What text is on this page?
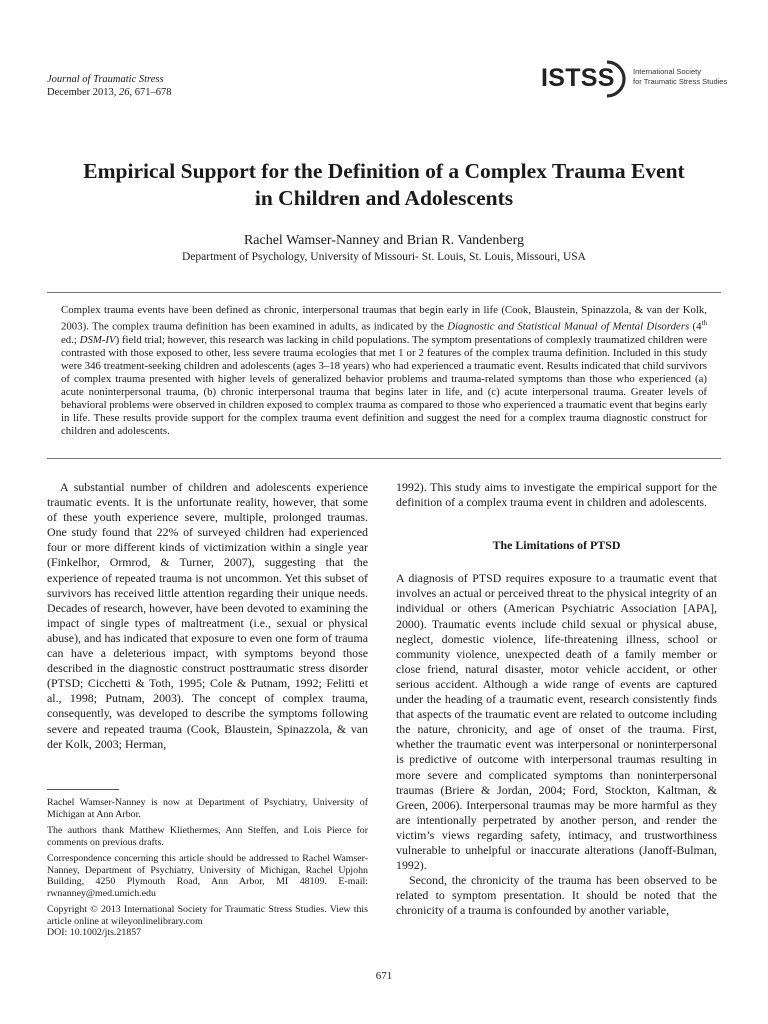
Journal of Traumatic Stress
December 2013, 26, 671–678
ISTSS International Society
for Traumatic Stress Studies
Empirical Support for the Definition of a Complex Trauma Event
in Children and Adolescents

Rachel Wamser-Nanney and Brian R. Vandenberg

Department of Psychology, University of Missouri- St. Louis, St. Louis, Missouri, USA

Complex trauma events have been defined as chronic, interpersonal traumas that begin early in life (Cook, Blaustein, Spinazzola, & van der Kolk, 2003). The complex trauma definition has been examined in adults, as indicated by the Diagnostic and Statistical Manual of Mental Disorders (4th ed.; DSM-IV) field trial; however, this research was lacking in child populations. The symptom presentations of complexly traumatized children were contrasted with those exposed to other, less severe trauma ecologies that met 1 or 2 features of the complex trauma definition. Included in this study were 346 treatment-seeking children and adolescents (ages 3–18 years) who had experienced a traumatic event. Results indicated that child survivors of complex trauma presented with higher levels of generalized behavior problems and trauma-related symptoms than those who experienced (a) acute noninterpersonal trauma, (b) chronic interpersonal trauma that begins later in life, and (c) acute interpersonal trauma. Greater levels of behavioral problems were observed in children exposed to complex trauma as compared to those who experienced a traumatic event that begins early in life. These results provide support for the complex trauma event definition and suggest the need for a complex trauma diagnostic construct for children and adolescents.

A substantial number of children and adolescents experience traumatic events. It is the unfortunate reality, however, that some of these youth experience severe, multiple, prolonged traumas. One study found that 22% of surveyed children had experienced four or more different kinds of victimization within a single year (Finkelhor, Ormrod, & Turner, 2007), suggesting that the experience of repeated trauma is not uncommon. Yet this subset of survivors has received little attention regarding their unique needs. Decades of research, however, have been devoted to examining the impact of single types of maltreatment (i.e., sexual or physical abuse), and has indicated that exposure to even one form of trauma can have a deleterious impact, with symptoms beyond those described in the diagnostic construct posttraumatic stress disorder (PTSD; Cicchetti & Toth, 1995; Cole & Putnam, 1992; Felitti et al., 1998; Putnam, 2003). The concept of complex trauma, consequently, was developed to describe the symptoms following severe and repeated trauma (Cook, Blaustein, Spinazzola, & van der Kolk, 2003; Herman,

1992). This study aims to investigate the empirical support for the definition of a complex trauma event in children and adolescents.

The Limitations of PTSD

A diagnosis of PTSD requires exposure to a traumatic event that involves an actual or perceived threat to the physical integrity of an individual or others (American Psychiatric Association [APA], 2000). Traumatic events include child sexual or physical abuse, neglect, domestic violence, life-threatening illness, school or community violence, unexpected death of a family member or close friend, natural disaster, motor vehicle accident, or other serious accident. Although a wide range of events are captured under the heading of a traumatic event, research consistently finds that aspects of the traumatic event are related to outcome including the nature, chronicity, and age of onset of the trauma. First, whether the traumatic event was interpersonal or noninterpersonal is predictive of outcome with interpersonal traumas resulting in more severe and complicated symptoms than noninterpersonal traumas (Briere & Jordan, 2004; Ford, Stockton, Kaltman, & Green, 2006). Interpersonal traumas may be more harmful as they are intentionally perpetrated by another person, and render the victim’s views regarding safety, intimacy, and trustworthiness vulnerable to unhelpful or inaccurate alterations (Janoff-Bulman, 1992).

Second, the chronicity of the trauma has been observed to be related to symptom presentation. It should be noted that the chronicity of a trauma is confounded by another variable,

Rachel Wamser-Nanney is now at Department of Psychiatry, University of Michigan at Ann Arbor.

The authors thank Matthew Kliethermes, Ann Steffen, and Lois Pierce for comments on previous drafts.

Correspondence concerning this article should be addressed to Rachel Wamser-Nanney, Department of Psychiatry, University of Michigan, Rachel Upjohn Building, 4250 Plymouth Road, Ann Arbor, MI 48109. E-mail: rwnanney@med.umich.edu

Copyright © 2013 International Society for Traumatic Stress Studies. View this article online at wileyonlinelibrary.com
DOI: 10.1002/jts.21857

671
